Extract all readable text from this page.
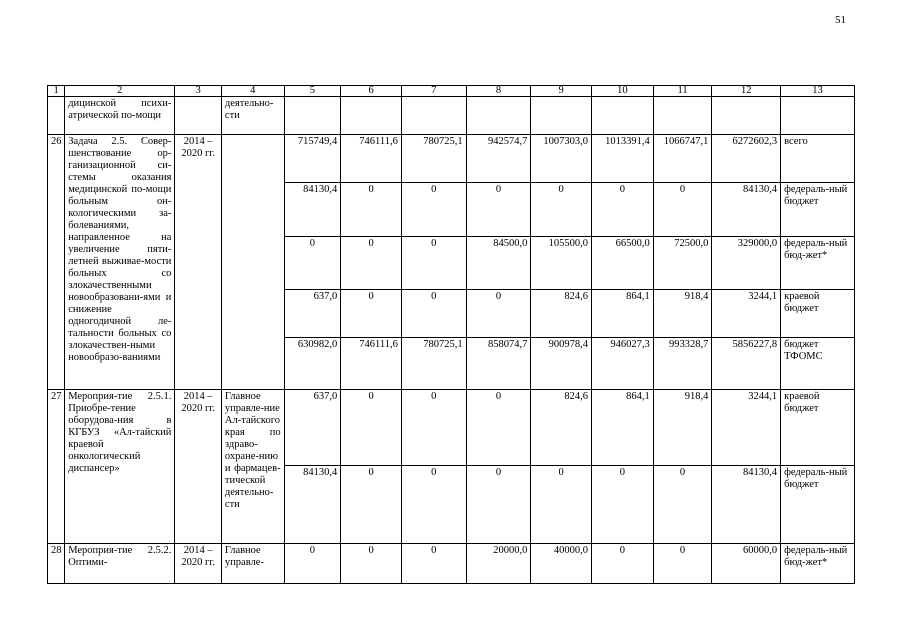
51
1	2	3	4	5	6	7	8	9	10	11	12	13
	дицинской психи-атрической по-мощи		деятельно-сти									
26	Задача 2.5. Совер-шенствование ор-ганизационной си-стемы оказания медицинской по-мощи больным он-кологическими за-болеваниями, направленное на увеличение пяти-летней выживае-мости больных со злокачественными новообразовани-ями и снижение одногодичной ле-тальности больных со злокачествен-ными новообразо-ваниями	2014 – 2020 гг.		715749,4	746111,6	780725,1	942574,7	1007303,0	1013391,4	1066747,1	6272602,3	всего
				84130,4	0	0	0	0	0	0	84130,4	федераль-ный бюджет
				0	0	0	84500,0	105500,0	66500,0	72500,0	329000,0	федераль-ный бюд-жет*
				637,0	0	0	0	824,6	864,1	918,4	3244,1	краевой бюджет
				630982,0	746111,6	780725,1	858074,7	900978,4	946027,3	993328,7	5856227,8	бюджет ТФОМС
27	Мероприя-тие 2.5.1. Приобре-тение оборудова-ния в КГБУЗ «Ал-тайский краевой онкологический диспансер»	2014 – 2020 гг.	Главное управле-ние Ал-тайского края по здраво-охране-нию и фармацев-тической деятельно-сти	637,0	0	0	0	824,6	864,1	918,4	3244,1	краевой бюджет
				84130,4	0	0	0	0	0	0	84130,4	федераль-ный бюджет
28	Мероприя-тие 2.5.2. Оптими-	2014 – 2020 гг.	Главное управле-	0	0	0	20000,0	40000,0	0	0	60000,0	федераль-ный бюд-жет*
